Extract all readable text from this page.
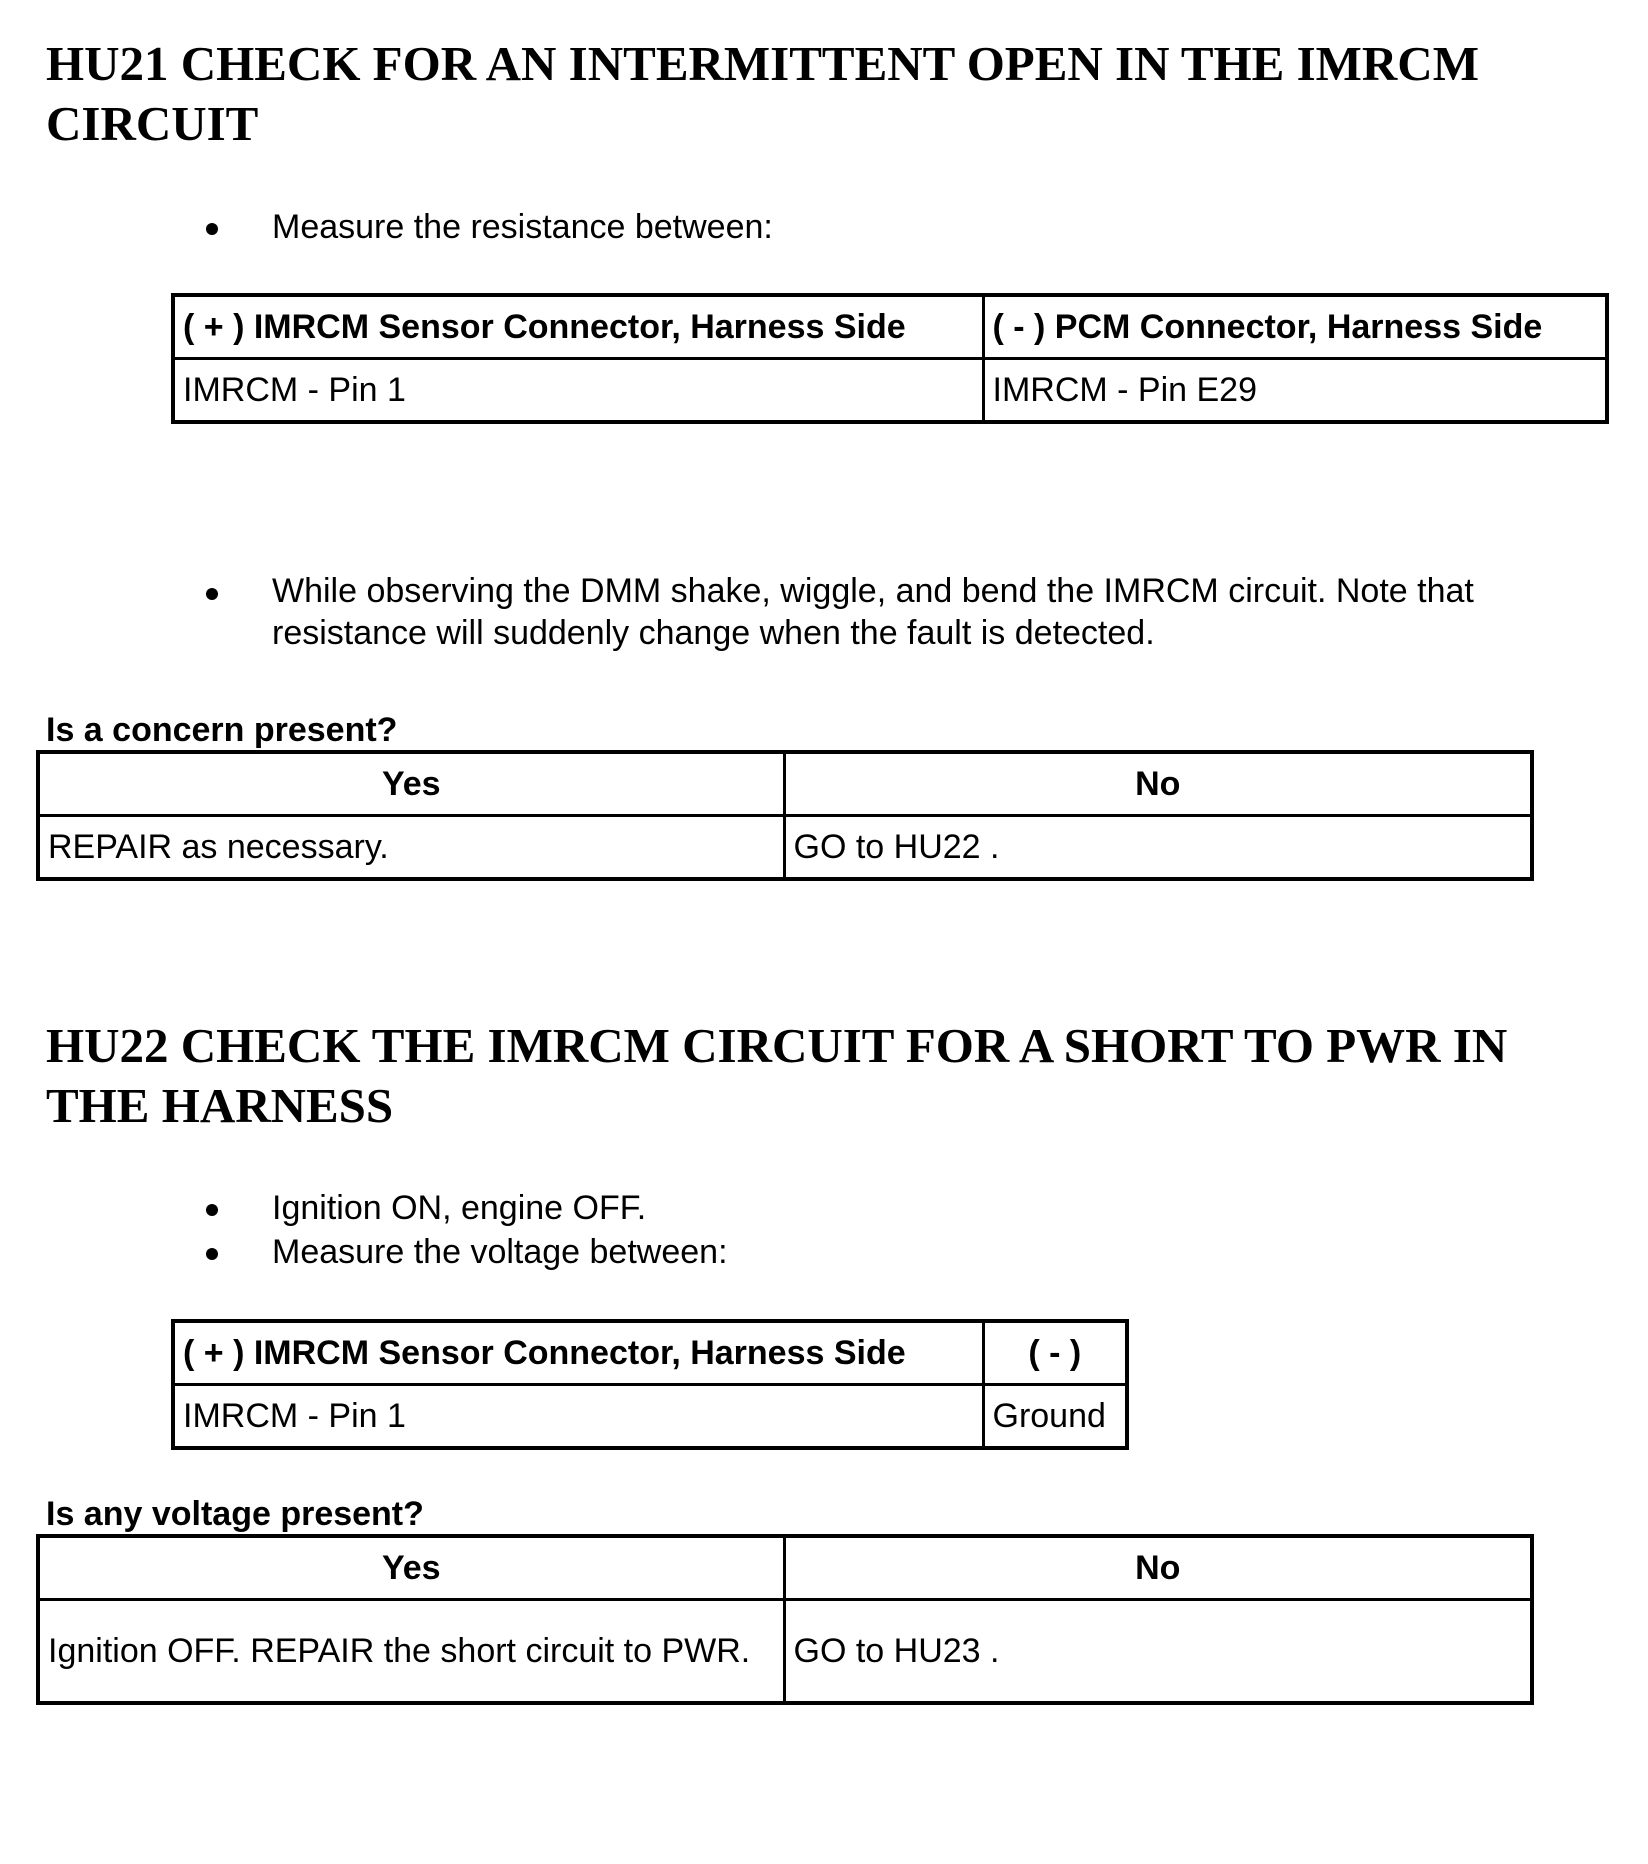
HU21 CHECK FOR AN INTERMITTENT OPEN IN THE IMRCM
CIRCUIT
Measure the resistance between:
( + ) IMRCM Sensor Connector, Harness Side	( - ) PCM Connector, Harness Side
IMRCM - Pin 1	IMRCM - Pin E29
While observing the DMM shake, wiggle, and bend the IMRCM circuit. Note that resistance will suddenly change when the fault is detected.

Is a concern present?

Yes	No
REPAIR as necessary.	GO to HU22 .
HU22 CHECK THE IMRCM CIRCUIT FOR A SHORT TO PWR IN
THE HARNESS
Ignition ON, engine OFF.
Measure the voltage between:
( + ) IMRCM Sensor Connector, Harness Side	( - )
IMRCM - Pin 1	Ground

Is any voltage present?

Yes	No
Ignition OFF. REPAIR the short circuit to PWR.	GO to HU23 .
